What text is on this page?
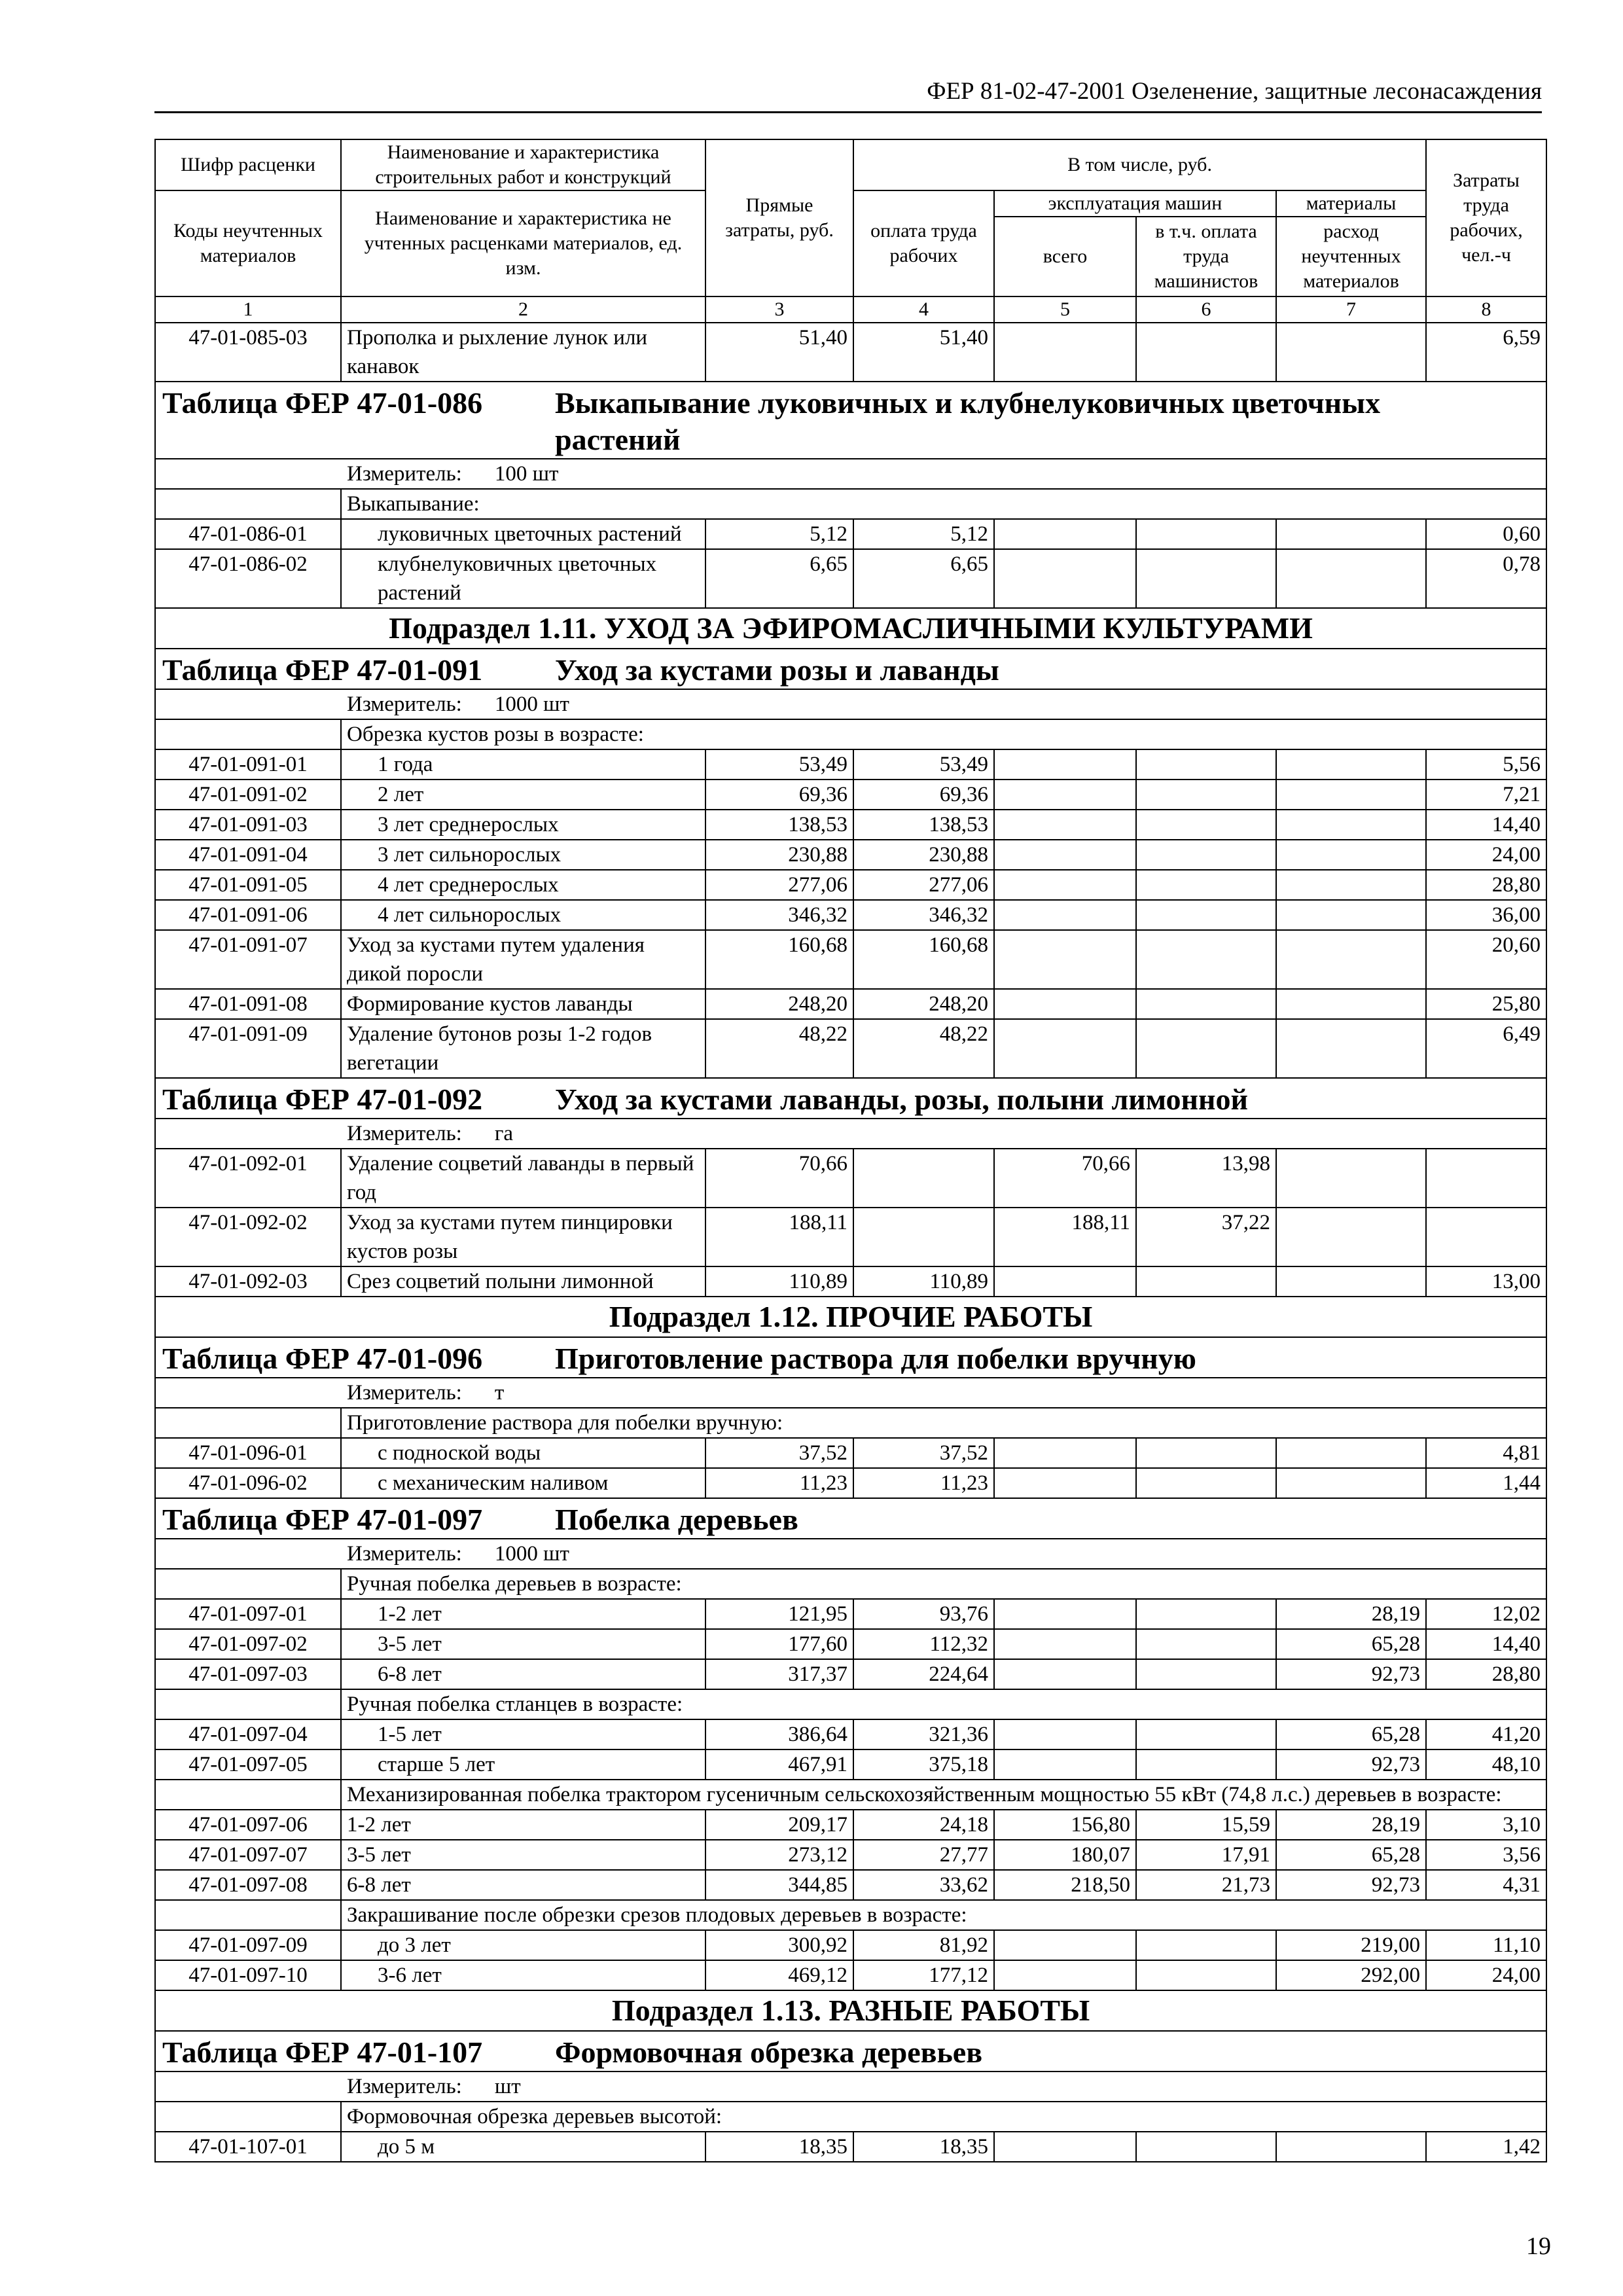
ФЕР 81-02-47-2001 Озеленение, защитные лесонасаждения
Шифр расценки	Наименование и характеристика строительных работ и конструкций	Прямые затраты, руб.	В том числе, руб.				Затраты труда рабочих, чел.-ч
Коды неучтенных материалов	Наименование и характеристика не учтенных расценками материалов, ед. изм.		оплата труда рабочих	эксплуатация машин		материалы	
				всего	в т.ч. оплата труда машинистов	расход неучтенных материалов	
1	2	3	4	5	6	7	8
47-01-085-03	Прополка и рыхление лунок или канавок	51,40	51,40				6,59
Таблица ФЕР 47-01-086 Выкапывание луковичных и клубнелуковичных цветочных растений							
Измеритель: 100 шт							
	Выкапывание:						
47-01-086-01	луковичных цветочных растений	5,12	5,12				0,60
47-01-086-02	клубнелуковичных цветочных растений	6,65	6,65				0,78
Подраздел 1.11. УХОД ЗА ЭФИРОМАСЛИЧНЫМИ КУЛЬТУРАМИ							
Таблица ФЕР 47-01-091 Уход за кустами розы и лаванды							
Измеритель: 1000 шт							
	Обрезка кустов розы в возрасте:						
47-01-091-01	1 года	53,49	53,49				5,56
47-01-091-02	2 лет	69,36	69,36				7,21
47-01-091-03	3 лет среднерослых	138,53	138,53				14,40
47-01-091-04	3 лет сильнорослых	230,88	230,88				24,00
47-01-091-05	4 лет среднерослых	277,06	277,06				28,80
47-01-091-06	4 лет сильнорослых	346,32	346,32				36,00
47-01-091-07	Уход за кустами путем удаления дикой поросли	160,68	160,68				20,60
47-01-091-08	Формирование кустов лаванды	248,20	248,20				25,80
47-01-091-09	Удаление бутонов розы 1-2 годов вегетации	48,22	48,22				6,49
Таблица ФЕР 47-01-092 Уход за кустами лаванды, розы, полыни лимонной							
Измеритель: га							
47-01-092-01	Удаление соцветий лаванды в первый год	70,66		70,66	13,98		
47-01-092-02	Уход за кустами путем пинцировки кустов розы	188,11		188,11	37,22		
47-01-092-03	Срез соцветий полыни лимонной	110,89	110,89				13,00
Подраздел 1.12. ПРОЧИЕ РАБОТЫ							
Таблица ФЕР 47-01-096 Приготовление раствора для побелки вручную							
Измеритель: т							
	Приготовление раствора для побелки вручную:						
47-01-096-01	с подноской воды	37,52	37,52				4,81
47-01-096-02	с механическим наливом	11,23	11,23				1,44
Таблица ФЕР 47-01-097 Побелка деревьев							
Измеритель: 1000 шт							
	Ручная побелка деревьев в возрасте:						
47-01-097-01	1-2 лет	121,95	93,76			28,19	12,02
47-01-097-02	3-5 лет	177,60	112,32			65,28	14,40
47-01-097-03	6-8 лет	317,37	224,64			92,73	28,80
	Ручная побелка стланцев в возрасте:						
47-01-097-04	1-5 лет	386,64	321,36			65,28	41,20
47-01-097-05	старше 5 лет	467,91	375,18			92,73	48,10
	Механизированная побелка трактором гусеничным сельскохозяйственным мощностью 55 кВт (74,8 л.с.) деревьев в возрасте:						
47-01-097-06	1-2 лет	209,17	24,18	156,80	15,59	28,19	3,10
47-01-097-07	3-5 лет	273,12	27,77	180,07	17,91	65,28	3,56
47-01-097-08	6-8 лет	344,85	33,62	218,50	21,73	92,73	4,31
	Закрашивание после обрезки срезов плодовых деревьев в возрасте:						
47-01-097-09	до 3 лет	300,92	81,92			219,00	11,10
47-01-097-10	3-6 лет	469,12	177,12			292,00	24,00
Подраздел 1.13. РАЗНЫЕ РАБОТЫ							
Таблица ФЕР 47-01-107 Формовочная обрезка деревьев							
Измеритель: шт							
	Формовочная обрезка деревьев высотой:						
47-01-107-01	до 5 м	18,35	18,35				1,42
19
